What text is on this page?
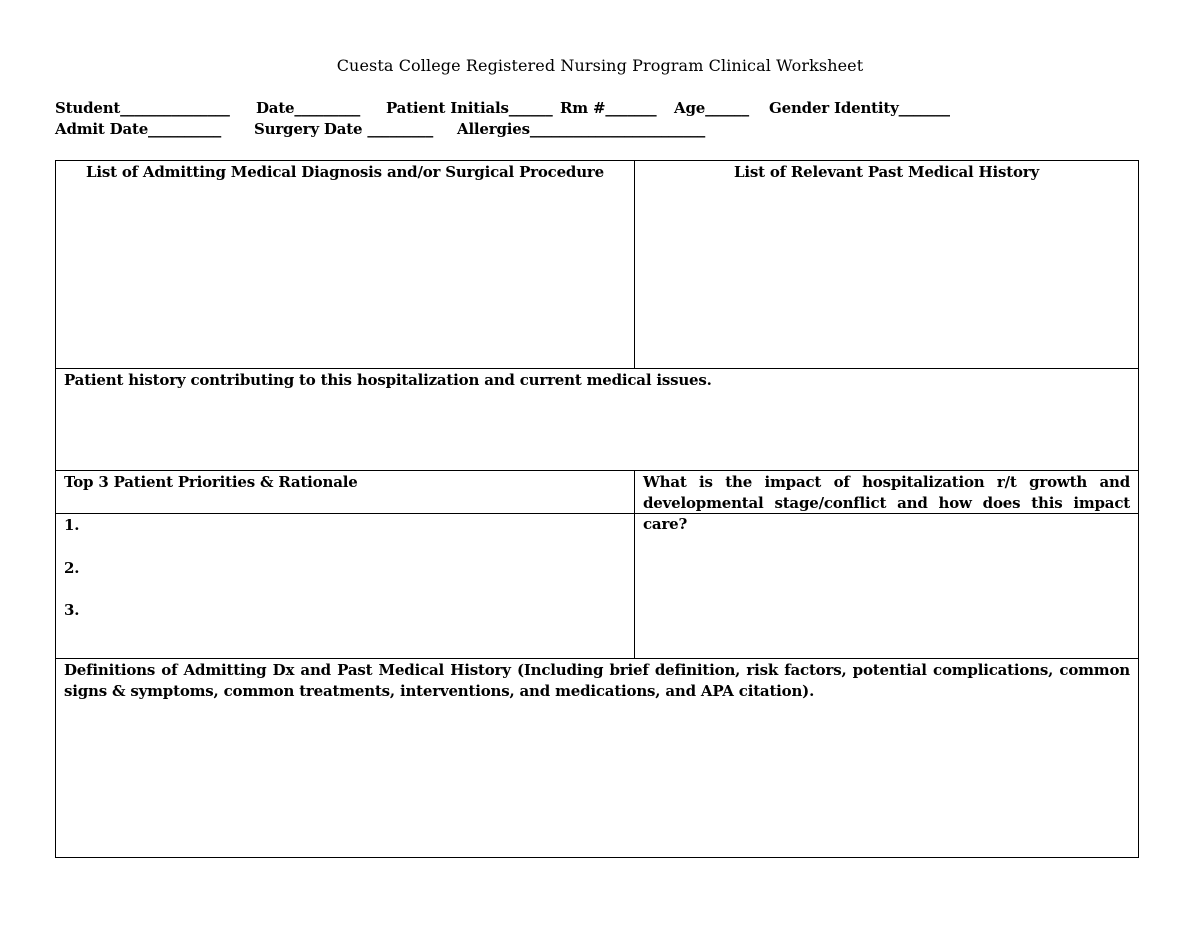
Cuesta College Registered Nursing Program Clinical Worksheet
Student_______________ Date_________ Patient Initials______ Rm #_______ Age______ Gender Identity_______
Admit Date__________ Surgery Date _________ Allergies________________________
List of Admitting Medical Diagnosis and/or Surgical Procedure	List of Relevant Past Medical History
Patient history contributing to this hospitalization and current medical issues.
Top 3 Patient Priorities & Rationale
1.
2.
3.
What is the impact of hospitalization r/t growth and developmental stage/conflict and how does this impact care?
Definitions of Admitting Dx and Past Medical History (Including brief definition, risk factors, potential complications, common signs & symptoms, common treatments, interventions, and medications, and APA citation).
